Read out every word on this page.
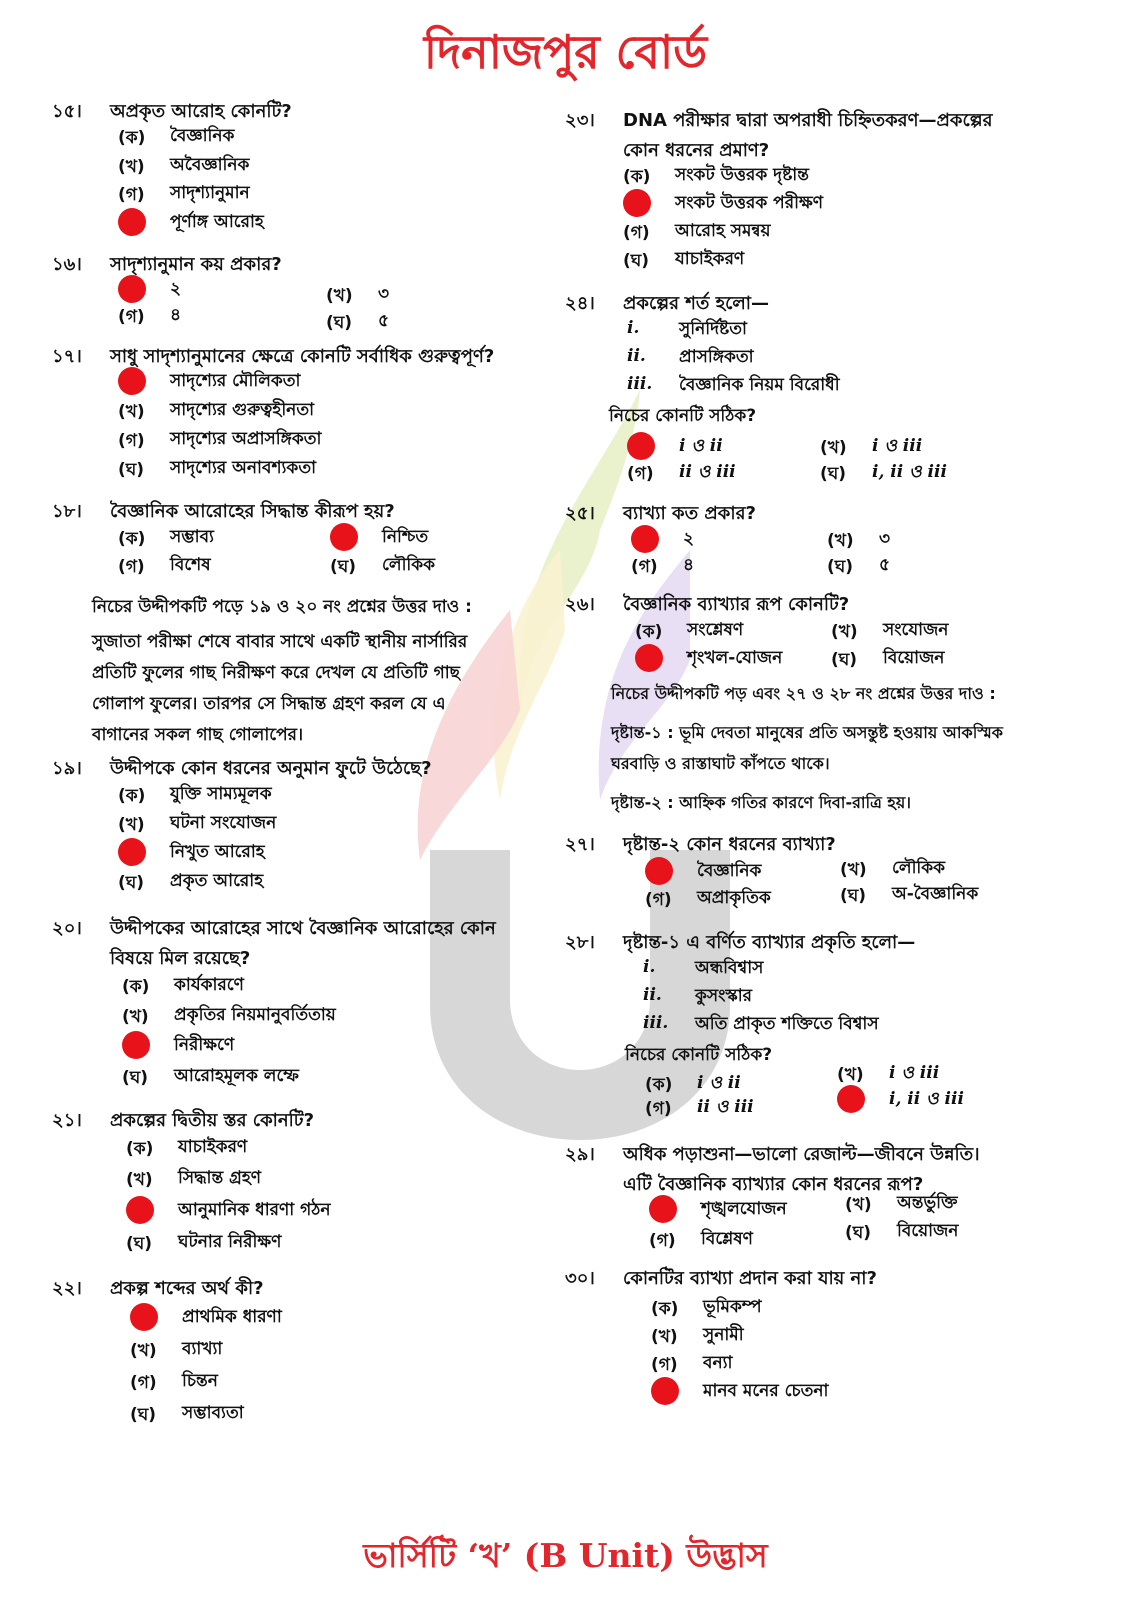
দিনাজপুর বোর্ড
১৫। অপ্রকৃত আরোহ কোনটি?
(ক)	বৈজ্ঞানিক
(খ)	অবৈজ্ঞানিক
(গ)	সাদৃশ্যানুমান
পূর্ণাঙ্গ আরোহ
১৬। সাদৃশ্যানুমান কয় প্রকার?
২	(খ)	৩
(গ)	৪	(ঘ)	৫
১৭। সাধু সাদৃশ্যানুমানের ক্ষেত্রে কোনটি সর্বাধিক গুরুত্বপূর্ণ?
সাদৃশ্যের মৌলিকতা
(খ)	সাদৃশ্যের গুরুত্বহীনতা
(গ)	সাদৃশ্যের অপ্রাসঙ্গিকতা
(ঘ)	সাদৃশ্যের অনাবশ্যকতা
১৮। বৈজ্ঞানিক আরোহের সিদ্ধান্ত কীরূপ হয়?
(ক)	সম্ভাব্য	নিশ্চিত
(গ)	বিশেষ	(ঘ)	লৌকিক
নিচের উদ্দীপকটি পড়ে ১৯ ও ২০ নং প্রশ্নের উত্তর দাও :
সুজাতা পরীক্ষা শেষে বাবার সাথে একটি স্থানীয় নার্সারির
প্রতিটি ফুলের গাছ নিরীক্ষণ করে দেখল যে প্রতিটি গাছ
গোলাপ ফুলের। তারপর সে সিদ্ধান্ত গ্রহণ করল যে এ
বাগানের সকল গাছ গোলাপের।
১৯। উদ্দীপকে কোন ধরনের অনুমান ফুটে উঠেছে?
(ক)	যুক্তি সাম্যমূলক
(খ)	ঘটনা সংযোজন
নিখুত আরোহ
(ঘ)	প্রকৃত আরোহ
২০। উদ্দীপকের আরোহের সাথে বৈজ্ঞানিক আরোহের কোন
বিষয়ে মিল রয়েছে?
(ক)	কার্যকারণে
(খ)	প্রকৃতির নিয়মানুবর্তিতায়
নিরীক্ষণে
(ঘ)	আরোহমূলক লম্ফে
২১। প্রকল্পের দ্বিতীয় স্তর কোনটি?
(ক)	যাচাইকরণ
(খ)	সিদ্ধান্ত গ্রহণ
আনুমানিক ধারণা গঠন
(ঘ)	ঘটনার নিরীক্ষণ
২২। প্রকল্প শব্দের অর্থ কী?
প্রাথমিক ধারণা
(খ)	ব্যাখ্যা
(গ)	চিন্তন
(ঘ)	সম্ভাব্যতা
২৩। DNA পরীক্ষার দ্বারা অপরাধী চিহ্নিতকরণ—প্রকল্পের
কোন ধরনের প্রমাণ?
(ক)	সংকট উত্তরক দৃষ্টান্ত
সংকট উত্তরক পরীক্ষণ
(গ)	আরোহ সমন্বয়
(ঘ)	যাচাইকরণ
২৪। প্রকল্পের শর্ত হলো—
i.	সুনির্দিষ্টতা
ii.	প্রাসঙ্গিকতা
iii.	বৈজ্ঞানিক নিয়ম বিরোধী
নিচের কোনটি সঠিক?
i ও ii	(খ)	i ও iii
(গ)	ii ও iii	(ঘ)	i, ii ও iii
২৫। ব্যাখ্যা কত প্রকার?
২	(খ)	৩
(গ)	৪	(ঘ)	৫
২৬। বৈজ্ঞানিক ব্যাখ্যার রূপ কোনটি?
(ক)	সংশ্লেষণ	(খ)	সংযোজন
শৃংখল-যোজন	(ঘ)	বিয়োজন
নিচের উদ্দীপকটি পড় এবং ২৭ ও ২৮ নং প্রশ্নের উত্তর দাও :
দৃষ্টান্ত-১ : ভূমি দেবতা মানুষের প্রতি অসন্তুষ্ট হওয়ায় আকস্মিক
ঘরবাড়ি ও রাস্তাঘাট কাঁপতে থাকে।
দৃষ্টান্ত-২ : আহ্নিক গতির কারণে দিবা-রাত্রি হয়।
২৭। দৃষ্টান্ত-২ কোন ধরনের ব্যাখ্যা?
বৈজ্ঞানিক	(খ)	লৌকিক
(গ)	অপ্রাকৃতিক	(ঘ)	অ-বৈজ্ঞানিক
২৮। দৃষ্টান্ত-১ এ বর্ণিত ব্যাখ্যার প্রকৃতি হলো—
i.	অন্ধবিশ্বাস
ii.	কুসংস্কার
iii.	অতি প্রাকৃত শক্তিতে বিশ্বাস
নিচের কোনটি সঠিক?
(ক)	i ও ii	(খ)	i ও iii
(গ)	ii ও iii	i, ii ও iii
২৯। অধিক পড়াশুনা—ভালো রেজাল্ট—জীবনে উন্নতি।
এটি বৈজ্ঞানিক ব্যাখ্যার কোন ধরনের রূপ?
শৃঙ্খলযোজন	(খ)	অন্তর্ভুক্তি
(গ)	বিশ্লেষণ	(ঘ)	বিয়োজন
৩০। কোনটির ব্যাখ্যা প্রদান করা যায় না?
(ক)	ভূমিকম্প
(খ)	সুনামী
(গ)	বন্যা
মানব মনের চেতনা
ভার্সিটি ‘খ’ (B Unit) উদ্ভাস
